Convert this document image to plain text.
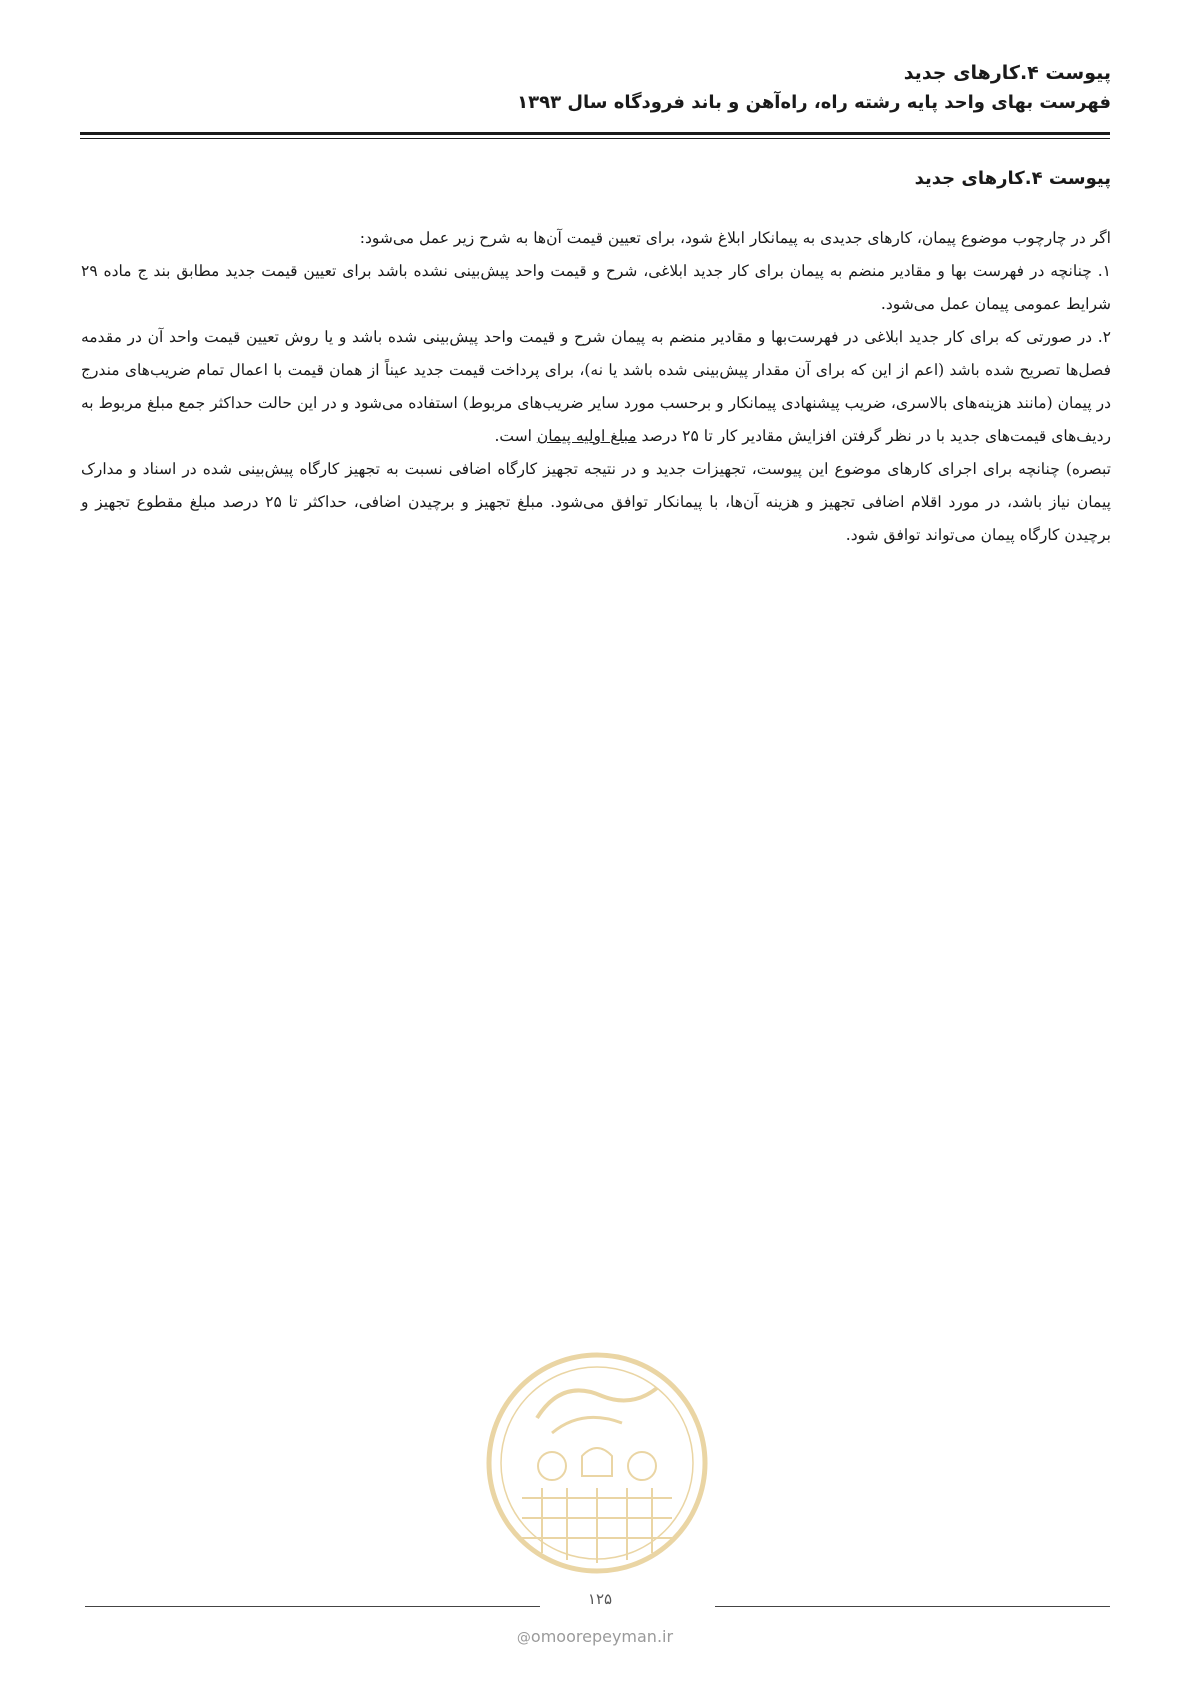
پیوست ۴.کارهای جدید
فهرست بهای واحد پایه رشته راه، راه‌آهن و باند فرودگاه سال ۱۳۹۳
پیوست ۴.کارهای جدید

اگر در چارچوب موضوع پیمان، کارهای جدیدی به پیمانکار ابلاغ شود، برای تعیین قیمت آن‌ها به شرح زیر عمل می‌شود:

۱. چنانچه در فهرست بها و مقادیر منضم به پیمان برای کار جدید ابلاغی، شرح و قیمت واحد پیش‌بینی نشده باشد برای تعیین قیمت جدید مطابق بند ج ماده ۲۹ شرایط عمومی پیمان عمل می‌شود.

۲. در صورتی که برای کار جدید ابلاغی در فهرست‌بها و مقادیر منضم به پیمان شرح و قیمت واحد پیش‌بینی شده باشد و یا روش تعیین قیمت واحد آن در مقدمه فصل‌ها تصریح شده باشد (اعم از این که برای آن مقدار پیش‌بینی شده باشد یا نه)، برای پرداخت قیمت جدید عیناً از همان قیمت با اعمال تمام ضریب‌های مندرج در پیمان (مانند هزینه‌های بالاسری، ضریب پیشنهادی پیمانکار و برحسب مورد سایر ضریب‌های مربوط) استفاده می‌شود و در این حالت حداکثر جمع مبلغ مربوط به ردیف‌های قیمت‌های جدید با در نظر گرفتن افزایش مقادیر کار تا ۲۵ درصد مبلغ اولیه پیمان است.

تبصره) چنانچه برای اجرای کارهای موضوع این پیوست، تجهیزات جدید و در نتیجه تجهیز کارگاه اضافی نسبت به تجهیز کارگاه پیش‌بینی شده در اسناد و مدارک پیمان نیاز باشد، در مورد اقلام اضافی تجهیز و هزینه آن‌ها، با پیمانکار توافق می‌شود. مبلغ تجهیز و برچیدن اضافی، حداکثر تا ۲۵ درصد مبلغ مقطوع تجهیز و برچیدن کارگاه پیمان می‌تواند توافق شود.

۱۲۵
@omoorepeyman.ir
